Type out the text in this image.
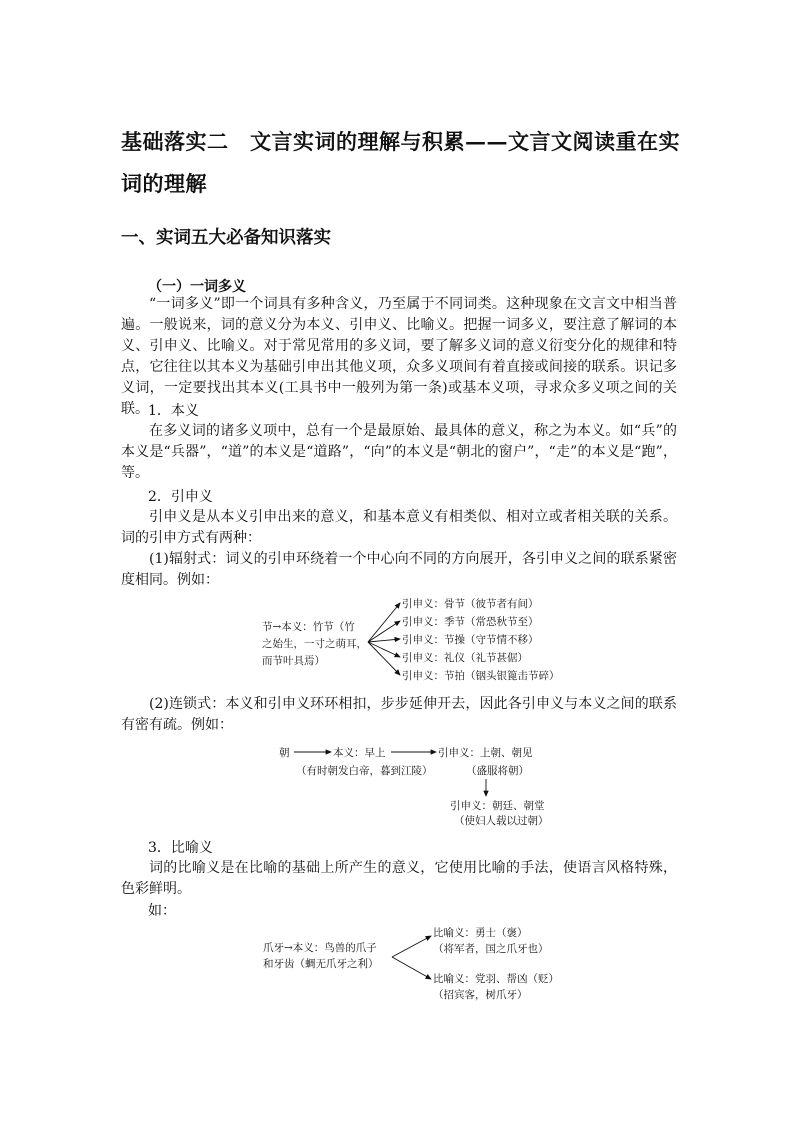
基础落实二　文言实词的理解与积累——文言文阅读重在实词的理解
一、实词五大必备知识落实
（一）一词多义

“一词多义”即一个词具有多种含义，乃至属于不同词类。这种现象在文言文中相当普遍。一般说来，词的意义分为本义、引申义、比喻义。把握一词多义，要注意了解词的本义、引申义、比喻义。对于常见常用的多义词，要了解多义词的意义衍变分化的规律和特点，它往往以其本义为基础引申出其他义项，众多义项间有着直接或间接的联系。识记多义词，一定要找出其本义(工具书中一般列为第一条)或基本义项，寻求众多义项之间的关联。 1．本义

在多义词的诸多义项中，总有一个是最原始、最具体的意义，称之为本义。如“兵”的本义是“兵器”，“道”的本义是“道路”，“向”的本义是“朝北的窗户”，“走”的本义是“跑”，等。

2．引申义

引申义是从本义引申出来的意义，和基本意义有相类似、相对立或者相关联的关系。词的引申方式有两种：

(1)辐射式：词义的引申环绕着一个中心向不同的方向展开，各引申义之间的联系紧密度相同。例如：

节→本义：竹节（竹
之始生，一寸之萌耳，
而节叶具焉）
引申义：骨节（彼节者有间）
引申义：季节（常恐秋节至）
引申义：节操（守节情不移）
引申义：礼仪（礼节甚倨）
引申义：节拍（铟头银篦击节碎）

(2)连锁式：本义和引申义环环相扣，步步延伸开去，因此各引申义与本义之间的联系有密有疏。例如：

朝	本义：早上
（有时朝发白帝，暮到江陵）
引申义：上朝、朝见
（盛服将朝）
引申义：朝廷、朝堂
（使妇人载以过朝）
3．比喻义

词的比喻义是在比喻的基础上所产生的意义，它使用比喻的手法，使语言风格特殊，色彩鲜明。

如：
爪牙→本义：鸟兽的爪子
和牙齿（蜩无爪牙之利）
比喻义：勇士（褒）
（将军者，国之爪牙也）
比喻义：党羽、帮凶（贬）
（招宾客，树爪牙）
